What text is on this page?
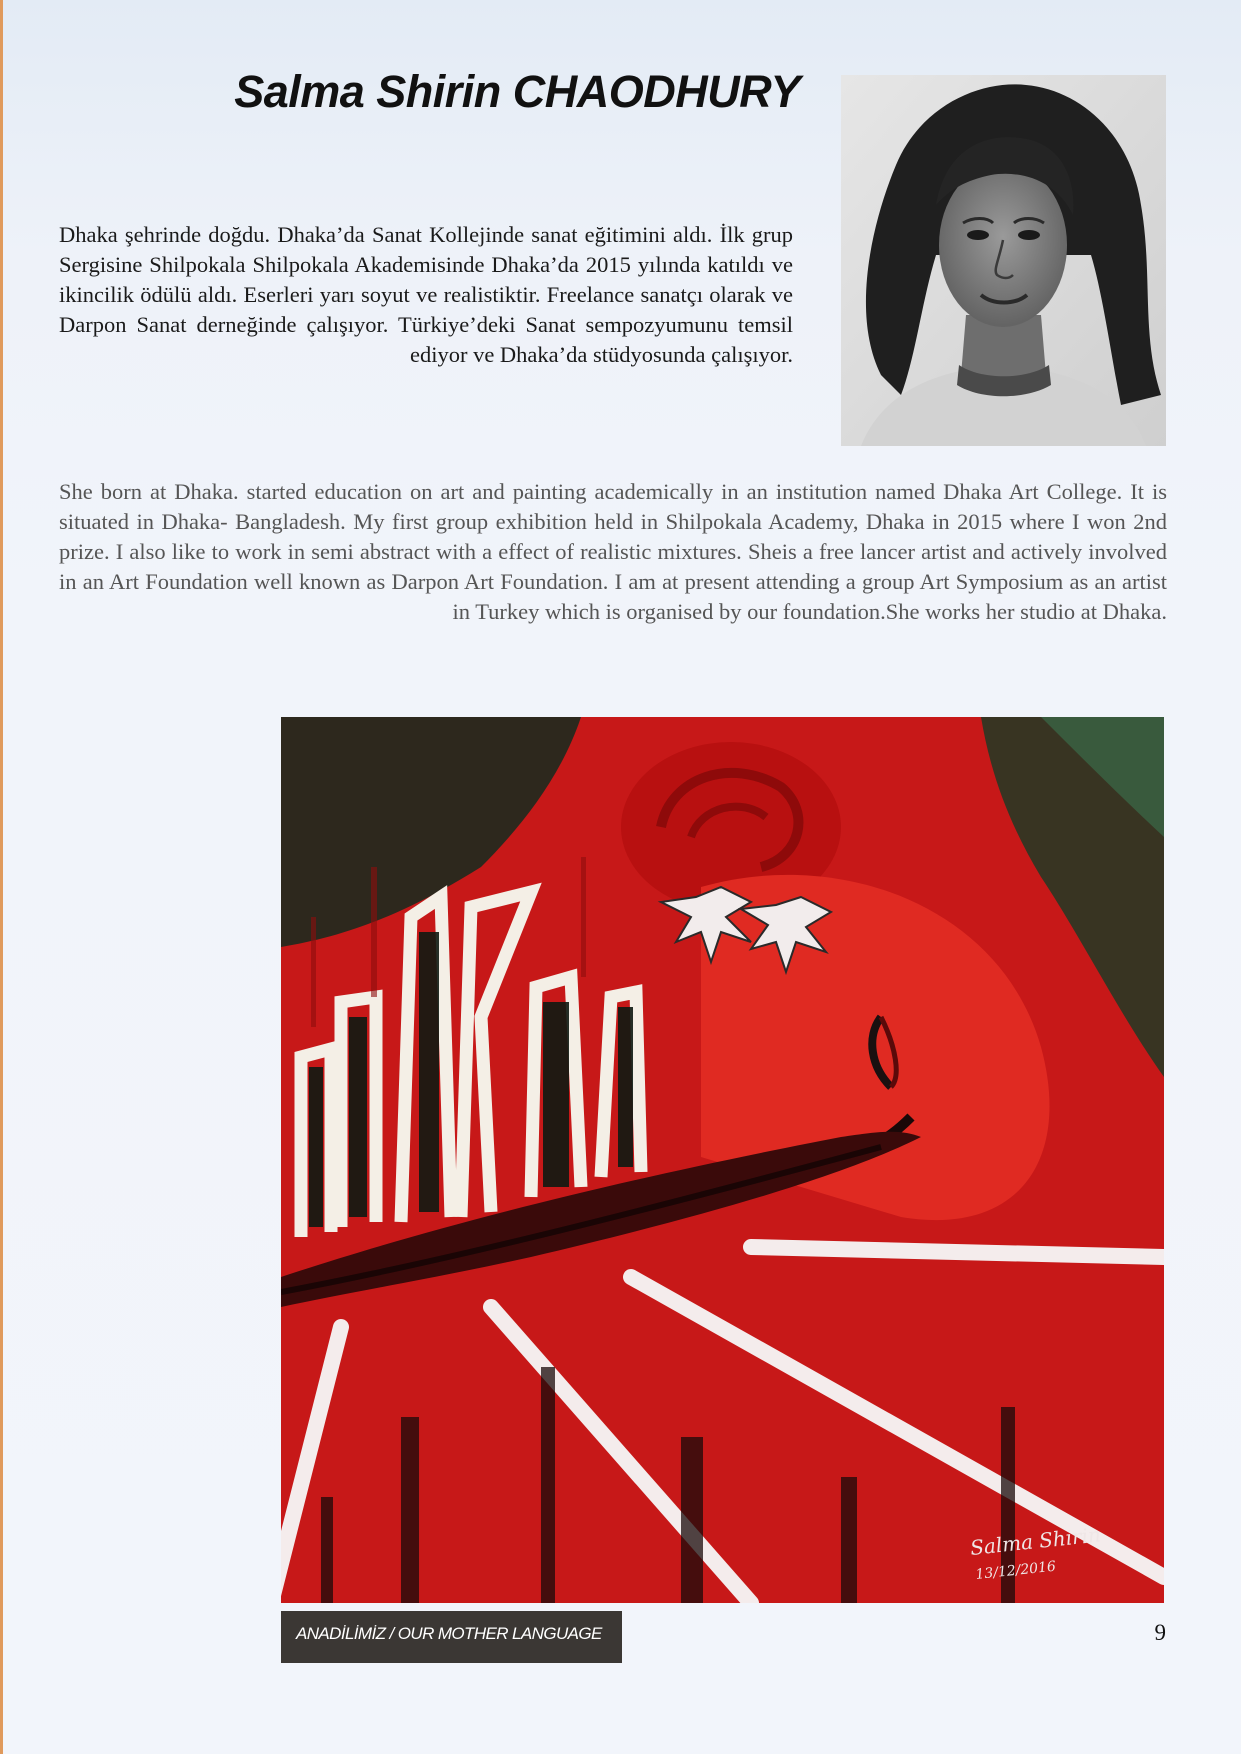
Salma Shirin CHAODHURY

Dhaka şehrinde doğdu. Dhaka’da Sanat Kollejinde sanat eğitimini aldı. İlk grup Sergisine Shilpokala Shilpokala Akademisinde Dhaka’da 2015 yılında katıldı ve ikincilik ödülü aldı. Eserleri yarı soyut ve realistiktir. Freelance sanatçı olarak ve Darpon Sanat derneğinde çalışıyor. Türkiye’deki Sanat sempozyumunu temsil ediyor ve Dhaka’da stüdyosunda çalışıyor.

She born at Dhaka. started education on art and painting academically in an institution named Dhaka Art College. It is situated in Dhaka- Bangladesh. My first group exhibition held in Shilpokala Academy, Dhaka in 2015 where I won 2nd prize. I also like to work in semi abstract with a effect of realistic mixtures. Sheis a free lancer artist and actively involved in an Art Foundation well known as Darpon Art Foundation. I am at present attending a group Art Symposium as an artist in Turkey which is organised by our foundation.She works her studio at Dhaka.

Salma Shirin
13/12/2016
ANADİLİMİZ / OUR MOTHER LANGUAGE	9
